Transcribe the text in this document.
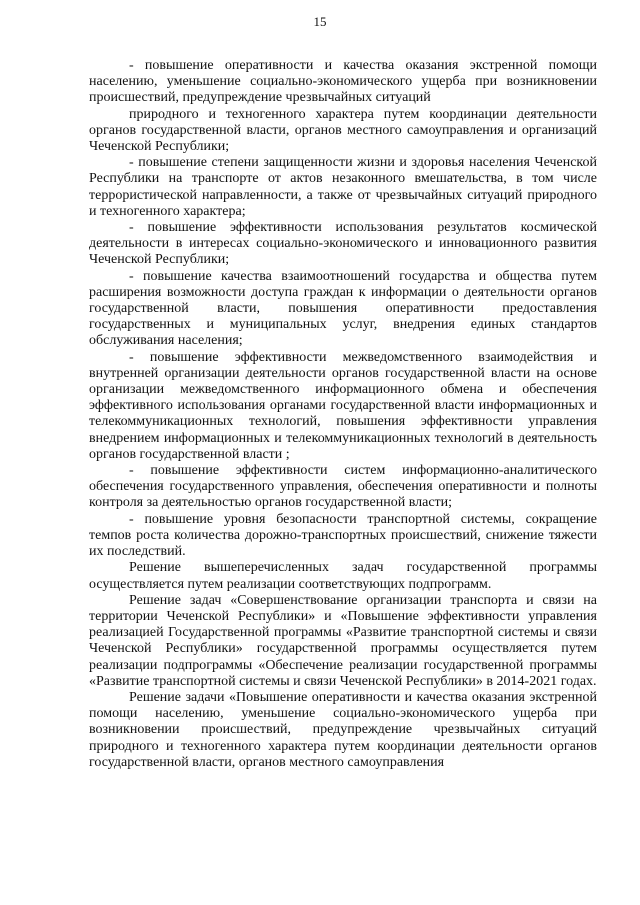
15

- повышение оперативности и качества оказания экстренной помощи населению, уменьшение социально-экономического ущерба при возникновении происшествий, предупреждение чрезвычайных ситуаций

природного и техногенного характера путем координации деятельности органов государственной власти, органов местного самоуправления и организаций Чеченской Республики;

- повышение степени защищенности жизни и здоровья населения Чеченской Республики на транспорте от актов незаконного вмешательства, в том числе террористической направленности, а также от чрезвычайных ситуаций природного и техногенного характера;

- повышение эффективности использования результатов космической деятельности в интересах социально-экономического и инновационного развития Чеченской Республики;

- повышение качества взаимоотношений государства и общества путем расширения возможности доступа граждан к информации о деятельности органов государственной власти, повышения оперативности предоставления государственных и муниципальных услуг, внедрения единых стандартов обслуживания населения;

- повышение эффективности межведомственного взаимодействия и внутренней организации деятельности органов государственной власти на основе организации межведомственного информационного обмена и обеспечения эффективного использования органами государственной власти информационных и телекоммуникационных технологий, повышения эффективности управления внедрением информационных и телекоммуникационных технологий в деятельность органов государственной власти ;

- повышение эффективности систем информационно-аналитического обеспечения государственного управления, обеспечения оперативности и полноты контроля за деятельностью органов государственной власти;

- повышение уровня безопасности транспортной системы, сокращение темпов роста количества дорожно-транспортных происшествий, снижение тяжести их последствий.

Решение вышеперечисленных задач государственной программы осуществляется путем реализации соответствующих подпрограмм.

Решение задач «Совершенствование организации транспорта и связи на территории Чеченской Республики» и «Повышение эффективности управления реализацией Государственной программы «Развитие транспортной системы и связи Чеченской Республики» государственной программы осуществляется путем реализации подпрограммы «Обеспечение реализации государственной программы «Развитие транспортной системы и связи Чеченской Республики» в 2014-2021 годах.

Решение задачи «Повышение оперативности и качества оказания экстренной помощи населению, уменьшение социально-экономического ущерба при возникновении происшествий, предупреждение чрезвычайных ситуаций природного и техногенного характера путем координации деятельности органов государственной власти, органов местного самоуправления
